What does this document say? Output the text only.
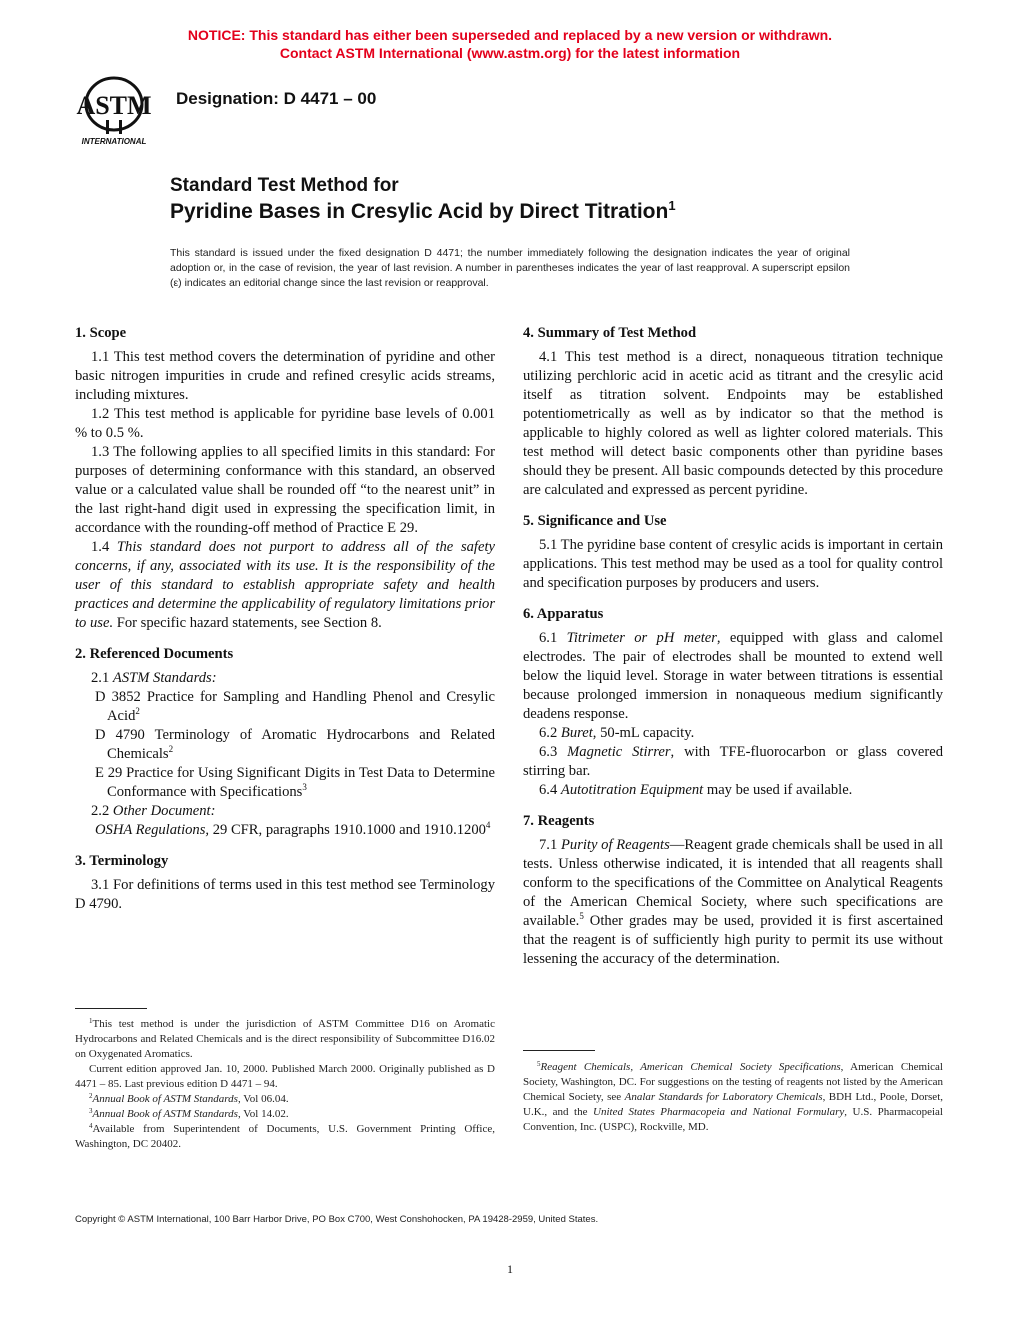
NOTICE: This standard has either been superseded and replaced by a new version or withdrawn.
Contact ASTM International (www.astm.org) for the latest information
ASTM
INTERNATIONAL
Designation: D 4471 – 00
Standard Test Method for
Pyridine Bases in Cresylic Acid by Direct Titration$^1$
This standard is issued under the fixed designation D 4471; the number immediately following the designation indicates the year of original adoption or, in the case of revision, the year of last revision. A number in parentheses indicates the year of last reapproval. A superscript epsilon (ε) indicates an editorial change since the last revision or reapproval.
1. Scope

1.1 This test method covers the determination of pyridine and other basic nitrogen impurities in crude and refined cresylic acids streams, including mixtures.

1.2 This test method is applicable for pyridine base levels of 0.001 % to 0.5 %.

1.3 The following applies to all specified limits in this standard: For purposes of determining conformance with this standard, an observed value or a calculated value shall be rounded off “to the nearest unit” in the last right-hand digit used in expressing the specification limit, in accordance with the rounding-off method of Practice E 29.

1.4 This standard does not purport to address all of the safety concerns, if any, associated with its use. It is the responsibility of the user of this standard to establish appropriate safety and health practices and determine the applicability of regulatory limitations prior to use. For specific hazard statements, see Section 8.

2. Referenced Documents

2.1 ASTM Standards:

D 3852 Practice for Sampling and Handling Phenol and Cresylic Acid$^2$

D 4790 Terminology of Aromatic Hydrocarbons and Related Chemicals$^2$

E 29 Practice for Using Significant Digits in Test Data to Determine Conformance with Specifications$^3$

2.2 Other Document:

OSHA Regulations, 29 CFR, paragraphs 1910.1000 and 1910.1200$^4$

3. Terminology

3.1 For definitions of terms used in this test method see Terminology D 4790.

4. Summary of Test Method

4.1 This test method is a direct, nonaqueous titration technique utilizing perchloric acid in acetic acid as titrant and the cresylic acid itself as titration solvent. Endpoints may be established potentiometrically as well as by indicator so that the method is applicable to highly colored as well as lighter colored materials. This test method will detect basic components other than pyridine bases should they be present. All basic compounds detected by this procedure are calculated and expressed as percent pyridine.

5. Significance and Use

5.1 The pyridine base content of cresylic acids is important in certain applications. This test method may be used as a tool for quality control and specification purposes by producers and users.

6. Apparatus

6.1 Titrimeter or pH meter, equipped with glass and calomel electrodes. The pair of electrodes shall be mounted to extend well below the liquid level. Storage in water between titrations is essential because prolonged immersion in nonaqueous medium significantly deadens response.

6.2 Buret, 50-mL capacity.

6.3 Magnetic Stirrer, with TFE-fluorocarbon or glass covered stirring bar.

6.4 Autotitration Equipment may be used if available.

7. Reagents

7.1 Purity of Reagents—Reagent grade chemicals shall be used in all tests. Unless otherwise indicated, it is intended that all reagents shall conform to the specifications of the Committee on Analytical Reagents of the American Chemical Society, where such specifications are available.$^5$ Other grades may be used, provided it is first ascertained that the reagent is of sufficiently high purity to permit its use without lessening the accuracy of the determination.

$^1$This test method is under the jurisdiction of ASTM Committee D16 on Aromatic Hydrocarbons and Related Chemicals and is the direct responsibility of Subcommittee D16.02 on Oxygenated Aromatics.

Current edition approved Jan. 10, 2000. Published March 2000. Originally published as D 4471 – 85. Last previous edition D 4471 – 94.

$^2$Annual Book of ASTM Standards, Vol 06.04.

$^3$Annual Book of ASTM Standards, Vol 14.02.

$^4$Available from Superintendent of Documents, U.S. Government Printing Office, Washington, DC 20402.

$^5$Reagent Chemicals, American Chemical Society Specifications, American Chemical Society, Washington, DC. For suggestions on the testing of reagents not listed by the American Chemical Society, see Analar Standards for Laboratory Chemicals, BDH Ltd., Poole, Dorset, U.K., and the United States Pharmacopeia and National Formulary, U.S. Pharmacopeial Convention, Inc. (USPC), Rockville, MD.

Copyright © ASTM International, 100 Barr Harbor Drive, PO Box C700, West Conshohocken, PA 19428-2959, United States.
1
